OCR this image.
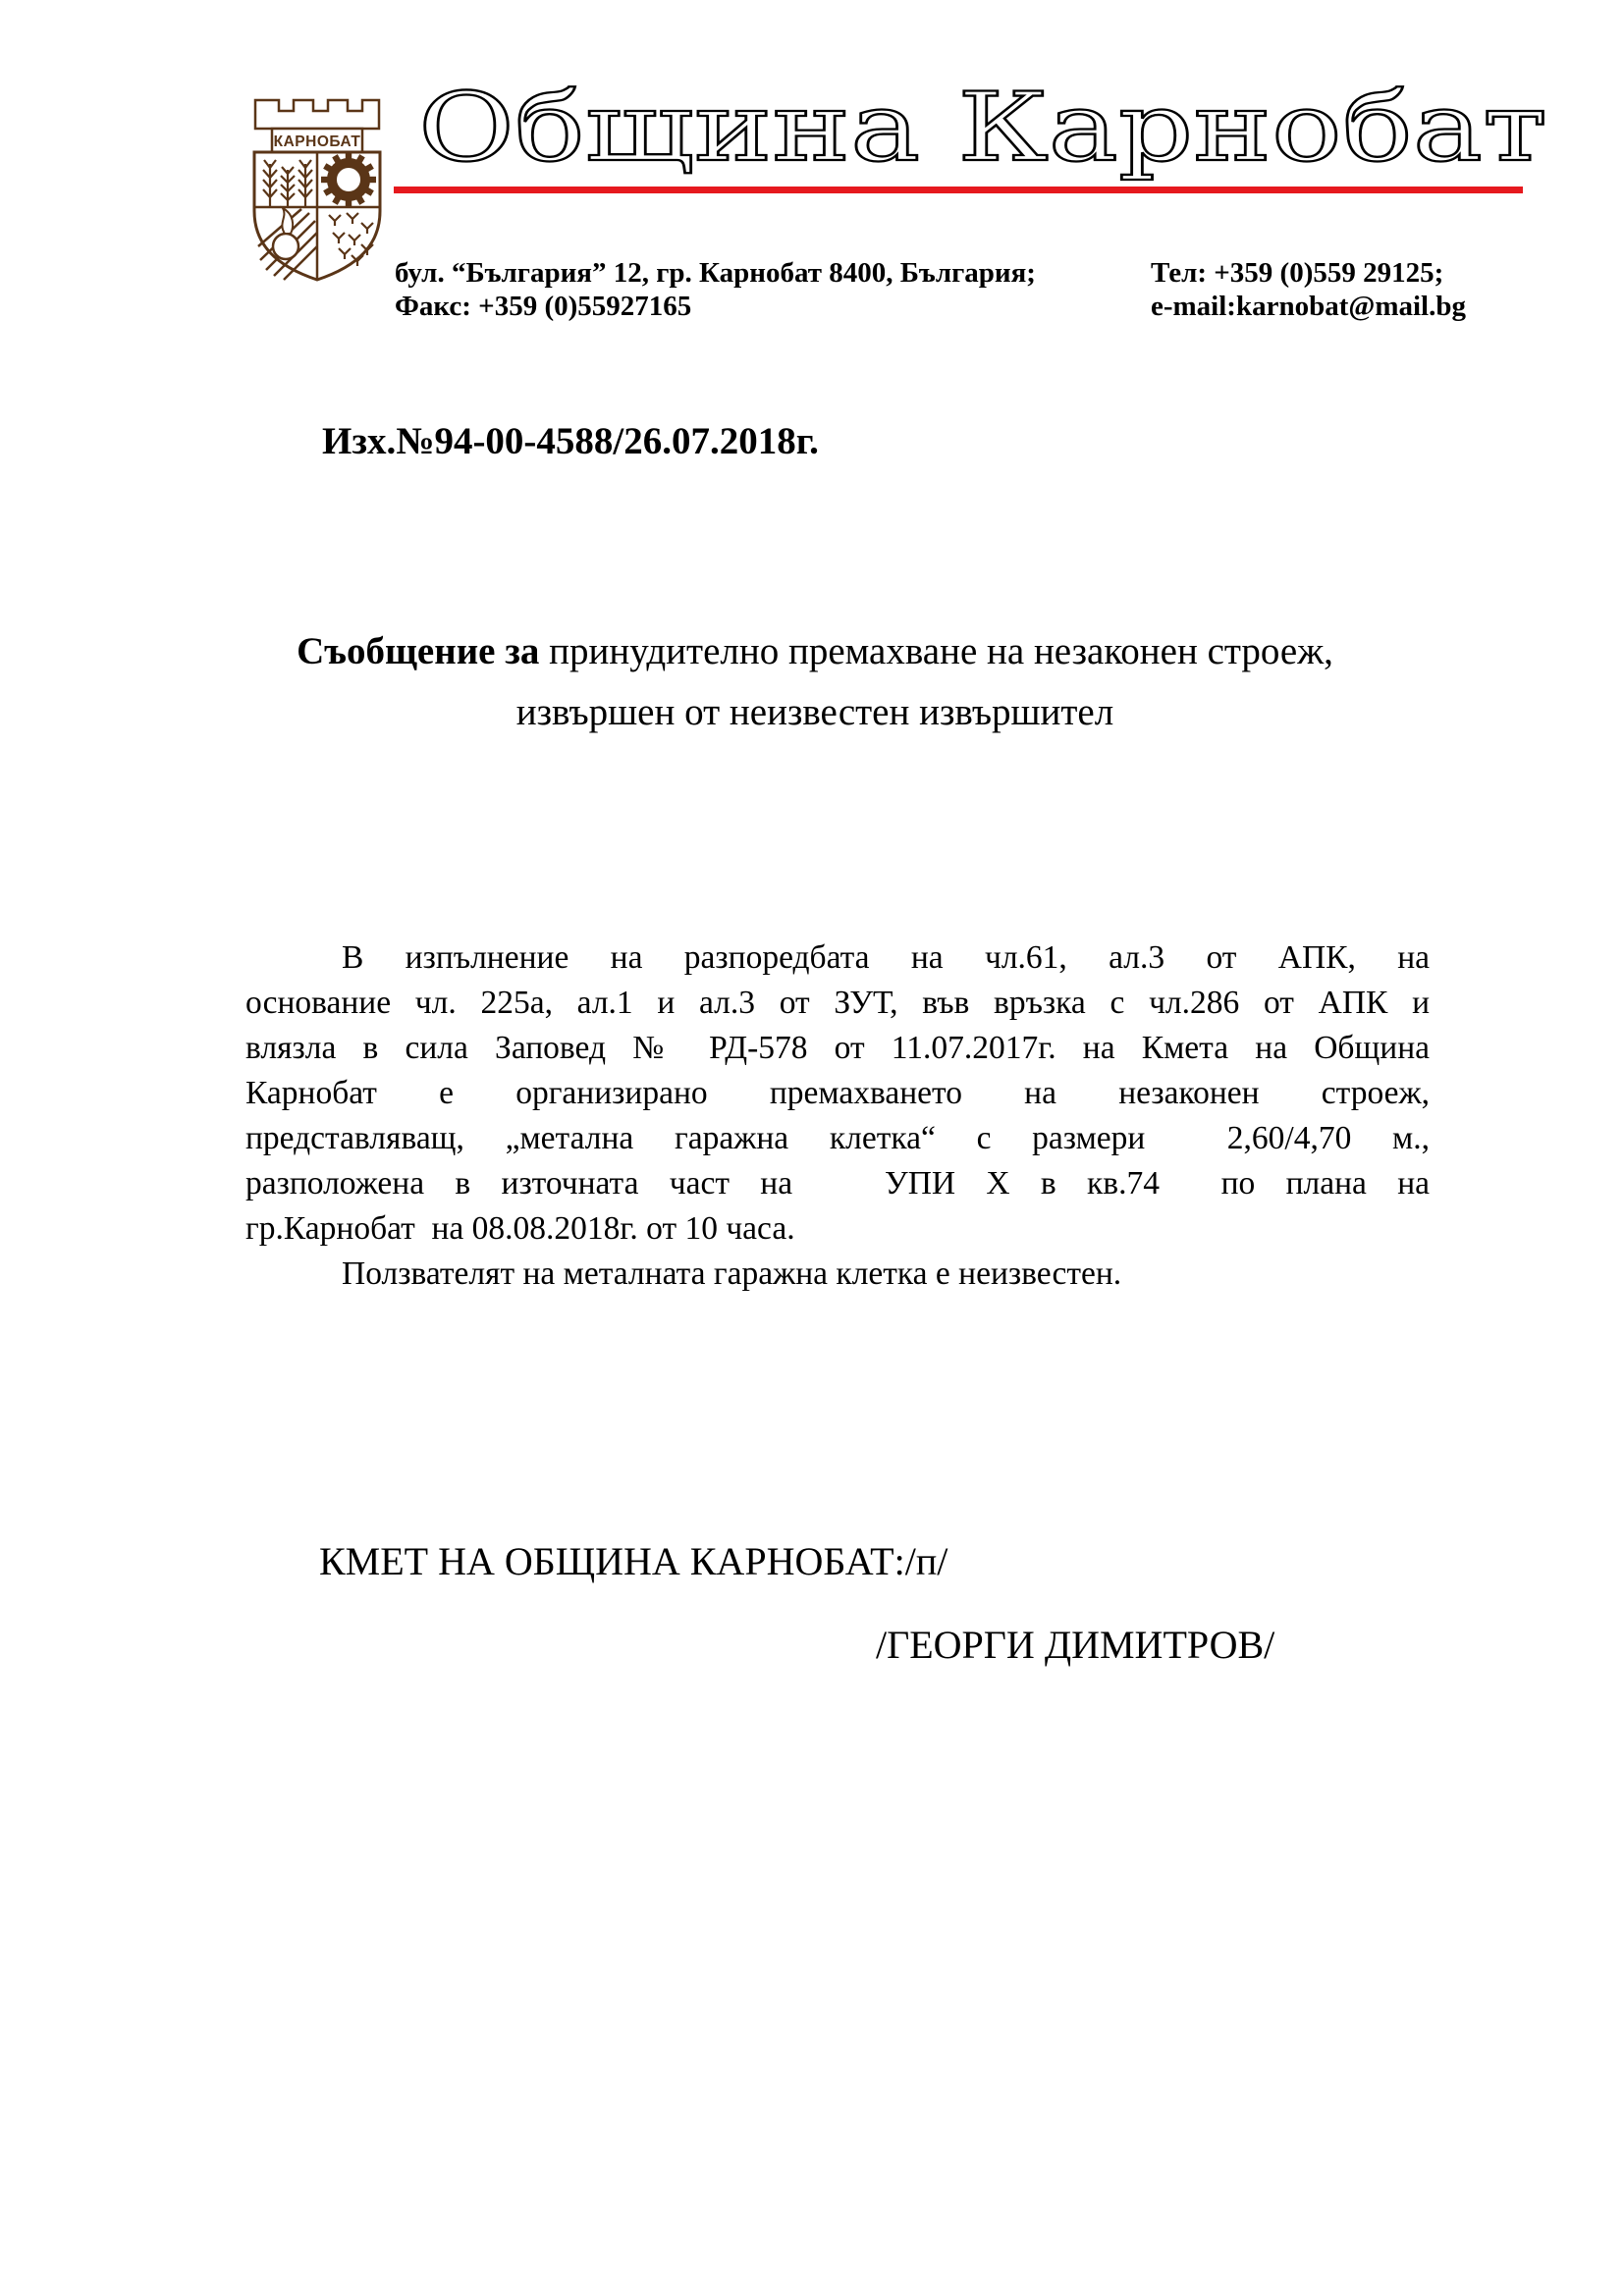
КАРНОБАТ Община Карнобат
бул. “България” 12, гр. Карнобат 8400, България;
Факс: +359 (0)55927165
Тел: +359 (0)559 29125;
e-mail:karnobat@mail.bg
Изх.№94-00-4588/26.07.2018г.
Съобщение за принудително премахване на незаконен строеж,
извършен от неизвестен извършител
В изпълнение на разпоредбата на чл.61, ал.3 от АПК, на
основание чл. 225а, ал.1 и ал.3 от ЗУТ, във връзка с чл.286 от АПК и
влязла в сила Заповед № РД-578 от 11.07.2017г. на Кмета на Община
Карнобат е организирано премахването на незаконен строеж,
представляващ, „метална гаражна клетка“ с размери  2,60/4,70 м.,
разположена в източната част на   УПИ Х в кв.74  по плана на
гр.Карнобат  на 08.08.2018г. от 10 часа.
Ползвателят на металната гаражна клетка е неизвестен.
КМЕТ НА ОБЩИНА КАРНОБАТ:/п/
/ГЕОРГИ ДИМИТРОВ/
